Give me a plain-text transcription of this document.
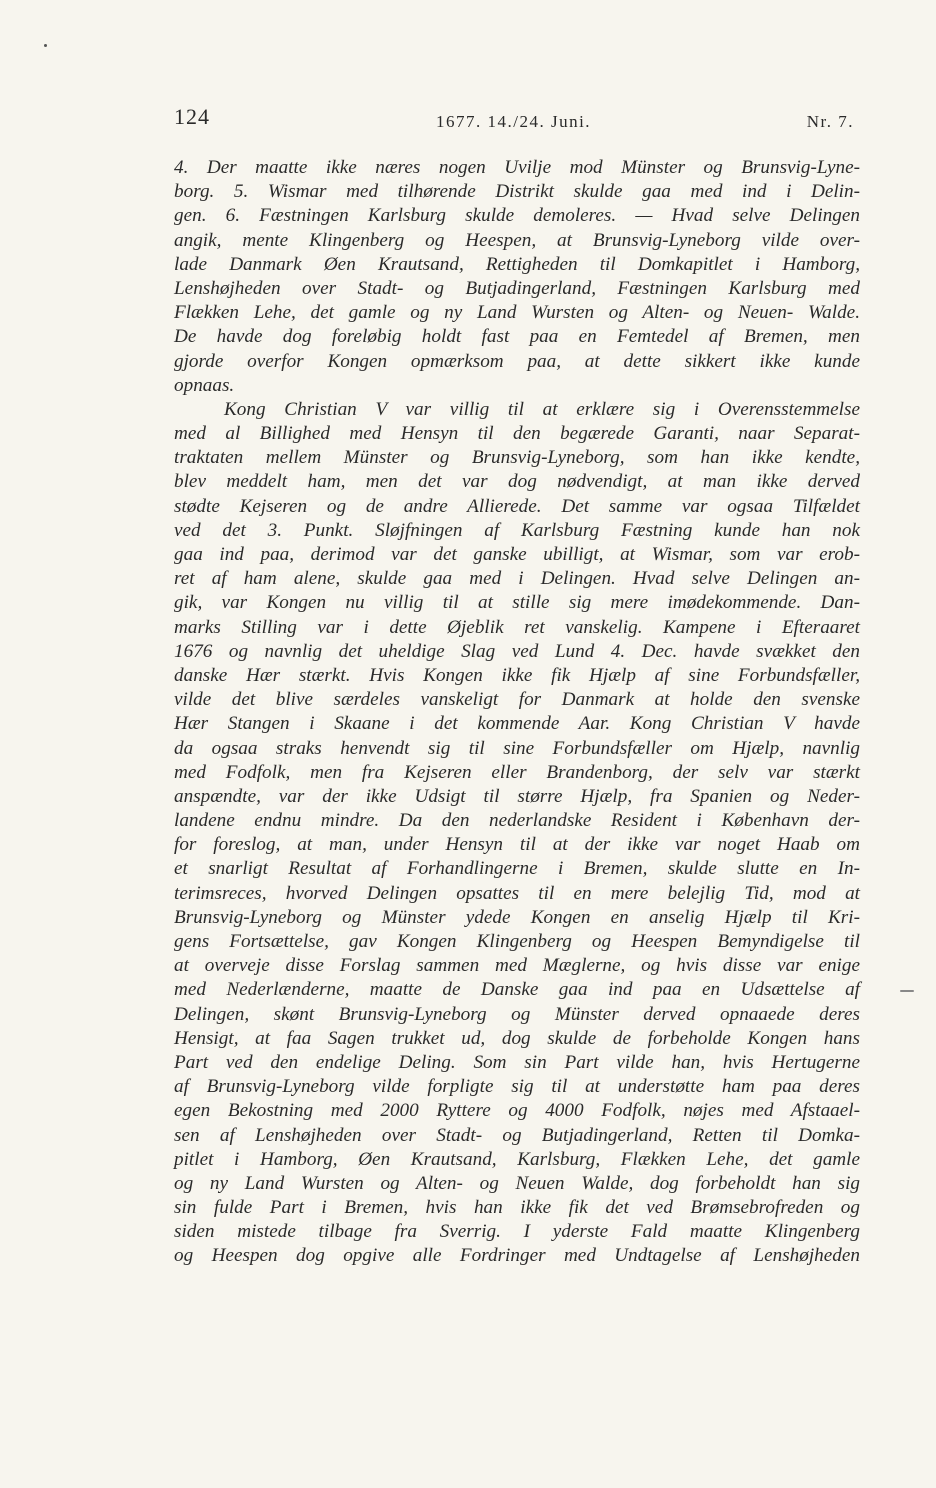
124	1677. 14./24. Juni.	Nr. 7.
4. Der maatte ikke næres nogen Uvilje mod Münster og Brunsvig-Lyne-
borg. 5. Wismar med tilhørende Distrikt skulde gaa med ind i Delin-
gen. 6. Fæstningen Karlsburg skulde demoleres. — Hvad selve Delingen
angik, mente Klingenberg og Heespen, at Brunsvig-Lyneborg vilde over-
lade Danmark Øen Krautsand, Rettigheden til Domkapitlet i Hamborg,
Lenshøjheden over Stadt- og Butjadingerland, Fæstningen Karlsburg med
Flækken Lehe, det gamle og ny Land Wursten og Alten- og Neuen- Walde.
De havde dog foreløbig holdt fast paa en Femtedel af Bremen, men
gjorde overfor Kongen opmærksom paa, at dette sikkert ikke kunde
opnaas.
Kong Christian V var villig til at erklære sig i Overensstemmelse
med al Billighed med Hensyn til den begærede Garanti, naar Separat-
traktaten mellem Münster og Brunsvig-Lyneborg, som han ikke kendte,
blev meddelt ham, men det var dog nødvendigt, at man ikke derved
stødte Kejseren og de andre Allierede. Det samme var ogsaa Tilfældet
ved det 3. Punkt. Sløjfningen af Karlsburg Fæstning kunde han nok
gaa ind paa, derimod var det ganske ubilligt, at Wismar, som var erob-
ret af ham alene, skulde gaa med i Delingen. Hvad selve Delingen an-
gik, var Kongen nu villig til at stille sig mere imødekommende. Dan-
marks Stilling var i dette Øjeblik ret vanskelig. Kampene i Efteraaret
1676 og navnlig det uheldige Slag ved Lund 4. Dec. havde svækket den
danske Hær stærkt. Hvis Kongen ikke fik Hjælp af sine Forbundsfæller,
vilde det blive særdeles vanskeligt for Danmark at holde den svenske
Hær Stangen i Skaane i det kommende Aar. Kong Christian V havde
da ogsaa straks henvendt sig til sine Forbundsfæller om Hjælp, navnlig
med Fodfolk, men fra Kejseren eller Brandenborg, der selv var stærkt
anspændte, var der ikke Udsigt til større Hjælp, fra Spanien og Neder-
landene endnu mindre. Da den nederlandske Resident i København der-
for foreslog, at man, under Hensyn til at der ikke var noget Haab om
et snarligt Resultat af Forhandlingerne i Bremen, skulde slutte en In-
terimsreces, hvorved Delingen opsattes til en mere belejlig Tid, mod at
Brunsvig-Lyneborg og Münster ydede Kongen en anselig Hjælp til Kri-
gens Fortsættelse, gav Kongen Klingenberg og Heespen Bemyndigelse til
at overveje disse Forslag sammen med Mæglerne, og hvis disse var enige
med Nederlænderne, maatte de Danske gaa ind paa en Udsættelse af
Delingen, skønt Brunsvig-Lyneborg og Münster derved opnaaede deres
Hensigt, at faa Sagen trukket ud, dog skulde de forbeholde Kongen hans
Part ved den endelige Deling. Som sin Part vilde han, hvis Hertugerne
af Brunsvig-Lyneborg vilde forpligte sig til at understøtte ham paa deres
egen Bekostning med 2000 Ryttere og 4000 Fodfolk, nøjes med Afstaael-
sen af Lenshøjheden over Stadt- og Butjadingerland, Retten til Domka-
pitlet i Hamborg, Øen Krautsand, Karlsburg, Flækken Lehe, det gamle
og ny Land Wursten og Alten- og Neuen Walde, dog forbeholdt han sig
sin fulde Part i Bremen, hvis han ikke fik det ved Brømsebrofreden og
siden mistede tilbage fra Sverrig. I yderste Fald maatte Klingenberg
og Heespen dog opgive alle Fordringer med Undtagelse af Lenshøjheden
